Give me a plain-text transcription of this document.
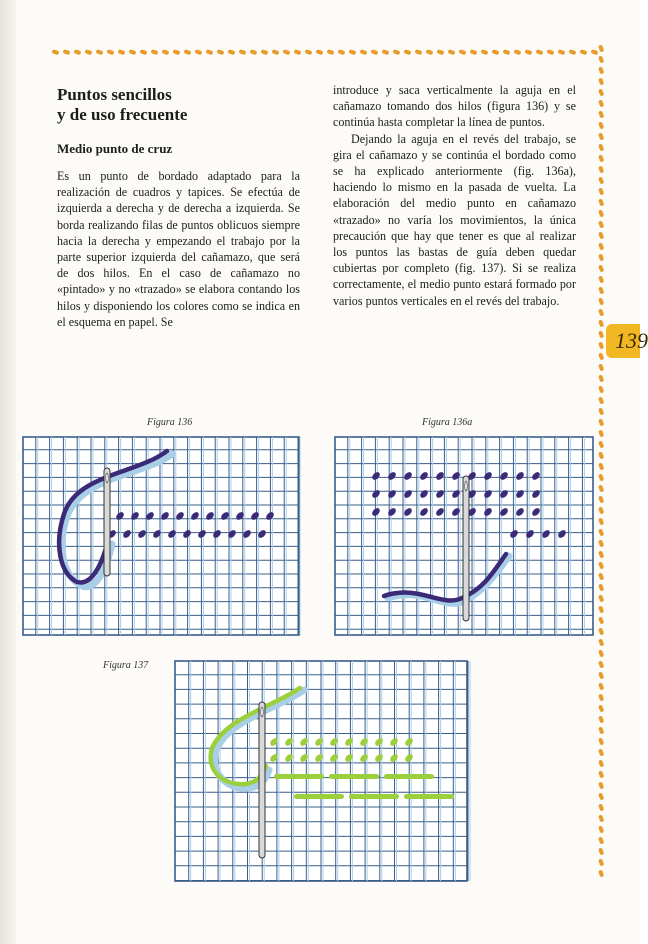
139
Puntos sencillos
y de uso frecuente
Medio punto de cruz

Es un punto de bordado adaptado para la realización de cuadros y tapices. Se efectúa de izquierda a derecha y de derecha a izquierda. Se borda realizando filas de puntos oblicuos siempre hacia la derecha y empezando el trabajo por la parte superior izquierda del cañamazo, que será de dos hilos. En el caso de cañamazo no «pintado» y no «trazado» se elabora contando los hilos y disponiendo los colores como se indica en el esquema en papel. Se

introduce y saca verticalmente la aguja en el cañamazo tomando dos hilos (figura 136) y se continúa hasta completar la línea de puntos.

Dejando la aguja en el revés del trabajo, se gira el cañamazo y se continúa el bordado como se ha explicado anteriormente (fig. 136a), haciendo lo mismo en la pasada de vuelta. La elaboración del medio punto en cañamazo «trazado» no varía los movimientos, la única precaución que hay que tener es que al realizar los puntos las bastas de guía deben quedar cubiertas por completo (fig. 137). Si se realiza correctamente, el medio punto estará formado por varios puntos verticales en el revés del trabajo.

Figura 136	Figura 136a
Figura 137
